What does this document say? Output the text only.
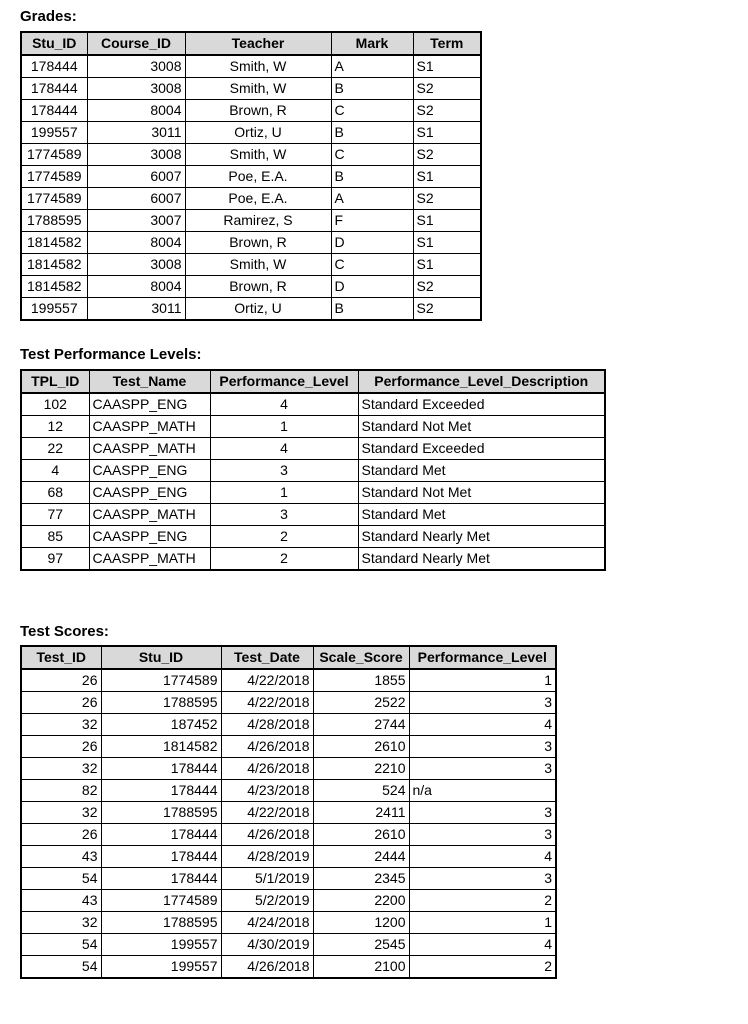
Grades:
Stu_ID	Course_ID	Teacher	Mark	Term
178444	3008	Smith, W	A	S1
178444	3008	Smith, W	B	S2
178444	8004	Brown, R	C	S2
199557	3011	Ortiz, U	B	S1
1774589	3008	Smith, W	C	S2
1774589	6007	Poe, E.A.	B	S1
1774589	6007	Poe, E.A.	A	S2
1788595	3007	Ramirez, S	F	S1
1814582	8004	Brown, R	D	S1
1814582	3008	Smith, W	C	S1
1814582	8004	Brown, R	D	S2
199557	3011	Ortiz, U	B	S2
Test Performance Levels:
TPL_ID	Test_Name	Performance_Level	Performance_Level_Description
102	CAASPP_ENG	4	Standard Exceeded
12	CAASPP_MATH	1	Standard Not Met
22	CAASPP_MATH	4	Standard Exceeded
4	CAASPP_ENG	3	Standard Met
68	CAASPP_ENG	1	Standard Not Met
77	CAASPP_MATH	3	Standard Met
85	CAASPP_ENG	2	Standard Nearly Met
97	CAASPP_MATH	2	Standard Nearly Met
Test Scores:
Test_ID	Stu_ID	Test_Date	Scale_Score	Performance_Level
26	1774589	4/22/2018	1855	1
26	1788595	4/22/2018	2522	3
32	187452	4/28/2018	2744	4
26	1814582	4/26/2018	2610	3
32	178444	4/26/2018	2210	3
82	178444	4/23/2018	524	n/a
32	1788595	4/22/2018	2411	3
26	178444	4/26/2018	2610	3
43	178444	4/28/2019	2444	4
54	178444	5/1/2019	2345	3
43	1774589	5/2/2019	2200	2
32	1788595	4/24/2018	1200	1
54	199557	4/30/2019	2545	4
54	199557	4/26/2018	2100	2
